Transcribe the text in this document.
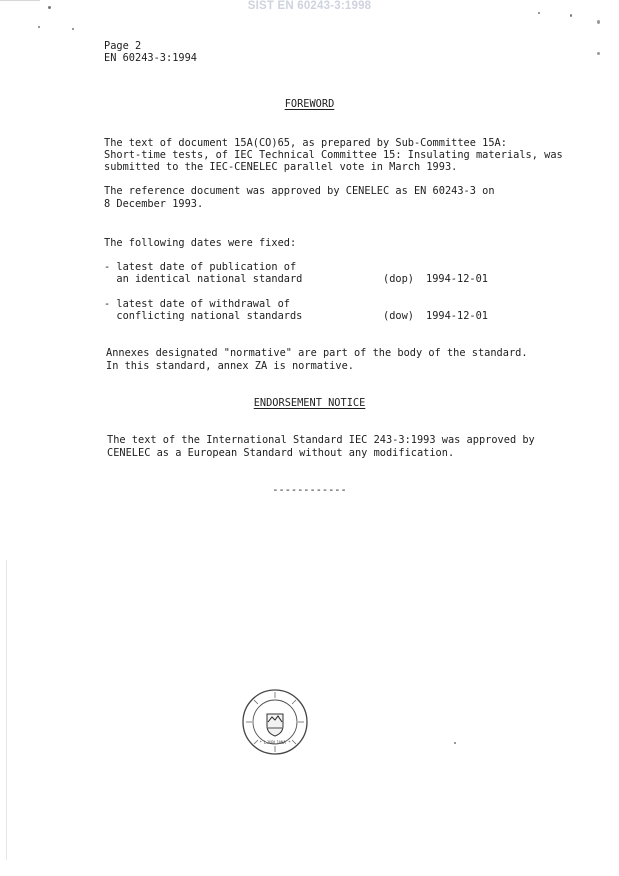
SIST EN 60243-3:1998
Page 2
EN 60243-3:1994
FOREWORD
The text of document 15A(CO)65, as prepared by Sub-Committee 15A:
Short-time tests, of IEC Technical Committee 15: Insulating materials, was
submitted to the IEC-CENELEC parallel vote in March 1993.
The reference document was approved by CENELEC as EN 60243-3 on
8 December 1993.
The following dates were fixed:
- latest date of publication of
an identical national standard	(dop) 1994-12-01
- latest date of withdrawal of
conflicting national standards	(dow) 1994-12-01
Annexes designated "normative" are part of the body of the standard.
In this standard, annex ZA is normative.
ENDORSEMENT NOTICE
The text of the International Standard IEC 243-3:1993 was approved by
CENELEC as a European Standard without any modification.
------------
* LJUBLJANA *
